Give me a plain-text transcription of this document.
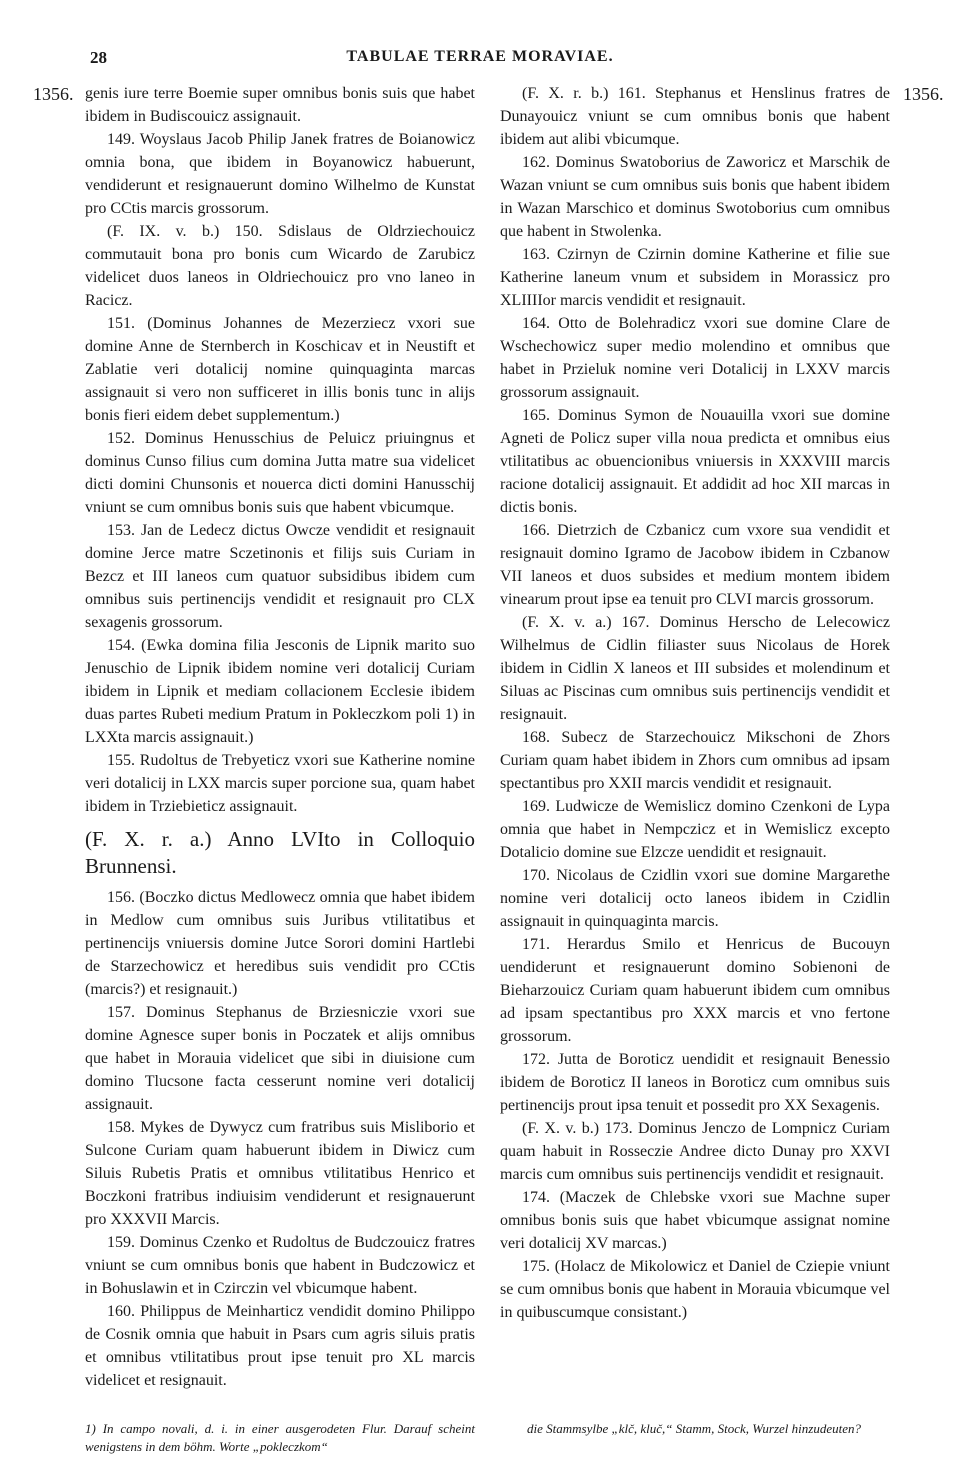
28	TABULAE TERRAE MORAVIAE.
1356.	1356.

genis iure terre Boemie super omnibus bonis suis que habet ibidem in Budiscouicz assignauit.

149. Woyslaus Jacob Philip Janek fratres de Boianowicz omnia bona, que ibidem in Boyanowicz habuerunt, vendiderunt et resignauerunt domino Wilhelmo de Kunstat pro CCtis marcis grossorum.

(F. IX. v. b.) 150. Sdislaus de Oldrziechouicz commutauit bona pro bonis cum Wicardo de Zarubicz videlicet duos laneos in Oldriechouicz pro vno laneo in Racicz.

151. (Dominus Johannes de Mezerziecz vxori sue domine Anne de Sternberch in Koschicav et in Neustift et Zablatie veri dotalicij nomine quinquaginta marcas assignauit si vero non sufficeret in illis bonis tunc in alijs bonis fieri eidem debet supplementum.)

152. Dominus Henusschius de Peluicz priuingnus et dominus Cunso filius cum domina Jutta matre sua videlicet dicti domini Chunsonis et nouerca dicti domini Hanusschij vniunt se cum omnibus bonis suis que habent vbicumque.

153. Jan de Ledecz dictus Owcze vendidit et resignauit domine Jerce matre Sczetinonis et filijs suis Curiam in Bezcz et III laneos cum quatuor subsidibus ibidem cum omnibus suis pertinencijs vendidit et resignauit pro CLX sexagenis grossorum.

154. (Ewka domina filia Jesconis de Lipnik marito suo Jenuschio de Lipnik ibidem nomine veri dotalicij Curiam ibidem in Lipnik et mediam collacionem Ecclesie ibidem duas partes Rubeti medium Pratum in Pokleczkom poli 1) in LXXta marcis assignauit.)

155. Rudoltus de Trebyeticz vxori sue Katherine nomine veri dotalicij in LXX marcis super porcione sua, quam habet ibidem in Trziebieticz assignauit.

(F. X. r. a.) Anno LVIto in Colloquio Brunnensi.

156. (Boczko dictus Medlowecz omnia que habet ibidem in Medlow cum omnibus suis Juribus vtilitatibus et pertinencijs vniuersis domine Jutce Sorori domini Hartlebi de Starzechowicz et heredibus suis vendidit pro CCtis (marcis?) et resignauit.)

157. Dominus Stephanus de Brziesniczie vxori sue domine Agnesce super bonis in Poczatek et alijs omnibus que habet in Morauia videlicet que sibi in diuisione cum domino Tlucsone facta cesserunt nomine veri dotalicij assignauit.

158. Mykes de Dywycz cum fratribus suis Misliborio et Sulcone Curiam quam habuerunt ibidem in Diwicz cum Siluis Rubetis Pratis et omnibus vtilitatibus Henrico et Boczkoni fratribus indiuisim vendiderunt et resignauerunt pro XXXVII Marcis.

159. Dominus Czenko et Rudoltus de Budczouicz fratres vniunt se cum omnibus bonis que habent in Budczowicz et in Bohuslawin et in Czirczin vel vbicumque habent.

160. Philippus de Meinharticz vendidit domino Philippo de Cosnik omnia que habuit in Psars cum agris siluis pratis et omnibus vtilitatibus prout ipse tenuit pro XL marcis videlicet et resignauit.

(F. X. r. b.) 161. Stephanus et Henslinus fratres de Dunayouicz vniunt se cum omnibus bonis que habent ibidem aut alibi vbicumque.

162. Dominus Swatoborius de Zaworicz et Marschik de Wazan vniunt se cum omnibus suis bonis que habent ibidem in Wazan Marschico et dominus Swotoborius cum omnibus que habent in Stwolenka.

163. Czirnyn de Czirnin domine Katherine et filie sue Katherine laneum vnum et subsidem in Morassicz pro XLIIIIor marcis vendidit et resignauit.

164. Otto de Bolehradicz vxori sue domine Clare de Wschechowicz super medio molendino et omnibus que habet in Przieluk nomine veri Dotalicij in LXXV marcis grossorum assignauit.

165. Dominus Symon de Nouauilla vxori sue domine Agneti de Policz super villa noua predicta et omnibus eius vtilitatibus ac obuencionibus vniuersis in XXXVIII marcis racione dotalicij assignauit. Et addidit ad hoc XII marcas in dictis bonis.

166. Dietrzich de Czbanicz cum vxore sua vendidit et resignauit domino Igramo de Jacobow ibidem in Czbanow VII laneos et duos subsides et medium montem ibidem vinearum prout ipse ea tenuit pro CLVI marcis grossorum.

(F. X. v. a.) 167. Dominus Herscho de Lelecowicz Wilhelmus de Cidlin filiaster suus Nicolaus de Horek ibidem in Cidlin X laneos et III subsides et molendinum et Siluas ac Piscinas cum omnibus suis pertinencijs vendidit et resignauit.

168. Subecz de Starzechouicz Mikschoni de Zhors Curiam quam habet ibidem in Zhors cum omnibus ad ipsam spectantibus pro XXII marcis vendidit et resignauit.

169. Ludwicze de Wemislicz domino Czenkoni de Lypa omnia que habet in Nempczicz et in Wemislicz excepto Dotalicio domine sue Elzcze uendidit et resignauit.

170. Nicolaus de Czidlin vxori sue domine Margarethe nomine veri dotalicij octo laneos ibidem in Czidlin assignauit in quinquaginta marcis.

171. Herardus Smilo et Henricus de Bucouyn uendiderunt et resignauerunt domino Sobienoni de Bieharzouicz Curiam quam habuerunt ibidem cum omnibus ad ipsam spectantibus pro XXX marcis et vno fertone grossorum.

172. Jutta de Boroticz uendidit et resignauit Benessio ibidem de Boroticz II laneos in Boroticz cum omnibus suis pertinencijs prout ipsa tenuit et possedit pro XX Sexagenis.

(F. X. v. b.) 173. Dominus Jenczo de Lompnicz Curiam quam habuit in Rosseczie Andree dicto Dunay pro XXVI marcis cum omnibus suis pertinencijs vendidit et resignauit.

174. (Maczek de Chlebske vxori sue Machne super omnibus bonis suis que habet vbicumque assignat nomine veri dotalicij XV marcas.)

175. (Holacz de Mikolowicz et Daniel de Cziepie vniunt se cum omnibus bonis que habent in Morauia vbicumque vel in quibuscumque consistant.)

1) In campo novali, d. i. in einer ausgerodeten Flur. Darauf scheint wenigstens in dem böhm. Worte „pokleczkom“
die Stammsylbe „klč, kluč,“ Stamm, Stock, Wurzel hinzudeuten?
